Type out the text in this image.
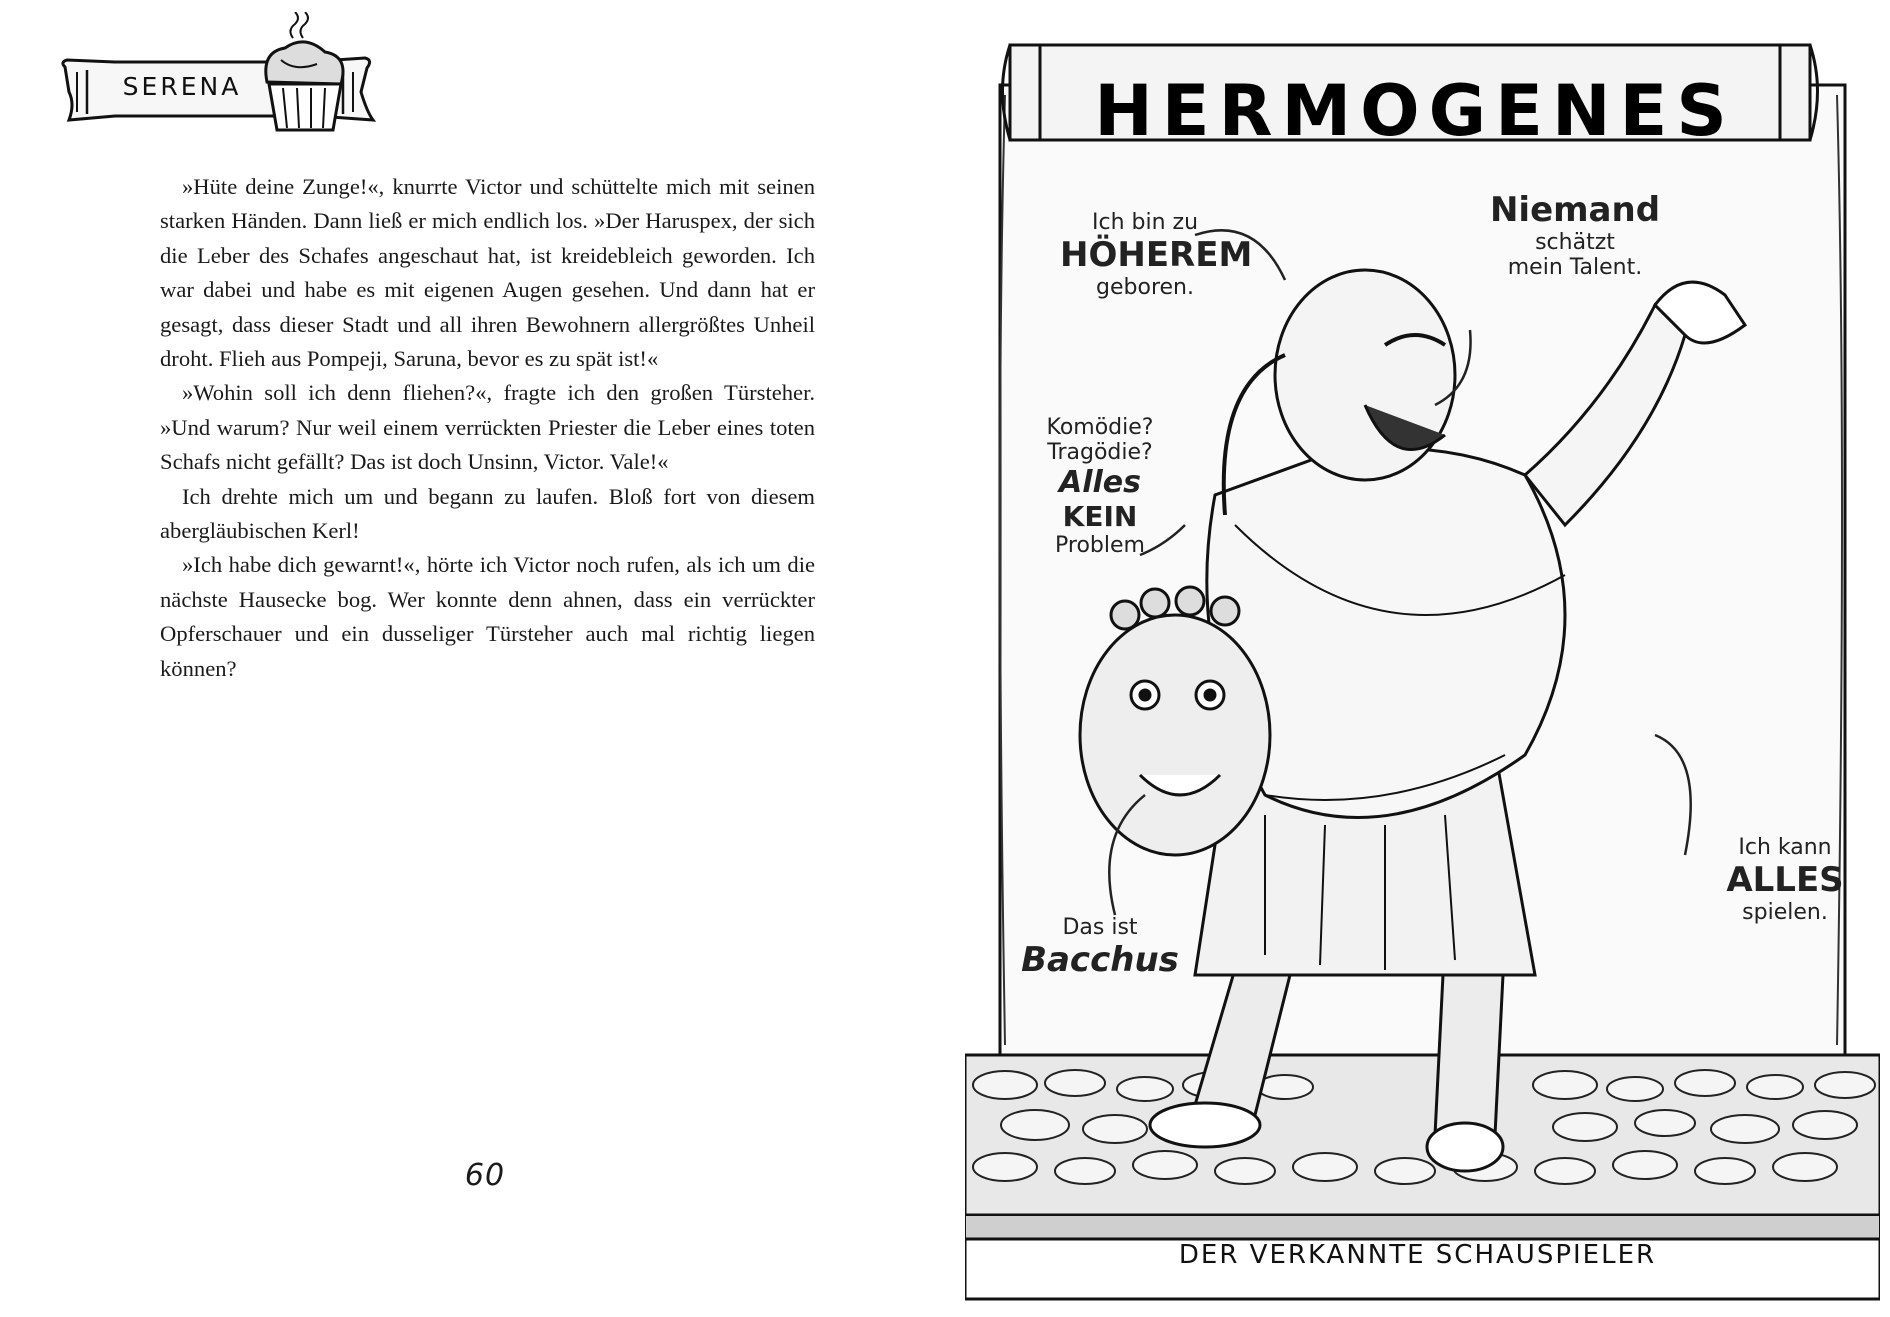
SERENA

»Hüte deine Zunge!«, knurrte Victor und schüttelte mich mit seinen starken Händen. Dann ließ er mich endlich los. »Der Haruspex, der sich die Leber des Schafes angeschaut hat, ist kreidebleich geworden. Ich war dabei und habe es mit eigenen Augen gesehen. Und dann hat er gesagt, dass dieser Stadt und all ihren Bewohnern allergrößtes Unheil droht. Flieh aus Pompeji, Saruna, bevor es zu spät ist!«

»Wohin soll ich denn fliehen?«, fragte ich den großen Türsteher. »Und warum? Nur weil einem verrückten Priester die Leber eines toten Schafs nicht gefällt? Das ist doch Unsinn, Victor. Vale!«

Ich drehte mich um und begann zu laufen. Bloß fort von diesem abergläubischen Kerl!

»Ich habe dich gewarnt!«, hörte ich Victor noch rufen, als ich um die nächste Hausecke bog. Wer konnte denn ahnen, dass ein verrückter Opferschauer und ein dusseliger Türsteher auch mal richtig liegen können?

60
HERMOGENES
Ich bin zu
HÖHEREM
geboren.
Niemand
schätzt
mein Talent.
Komödie?
Tragödie?
Alles
KEIN
Problem
Das ist
Bacchus
Ich kann
ALLES
spielen.
DER VERKANNTE SCHAUSPIELER
